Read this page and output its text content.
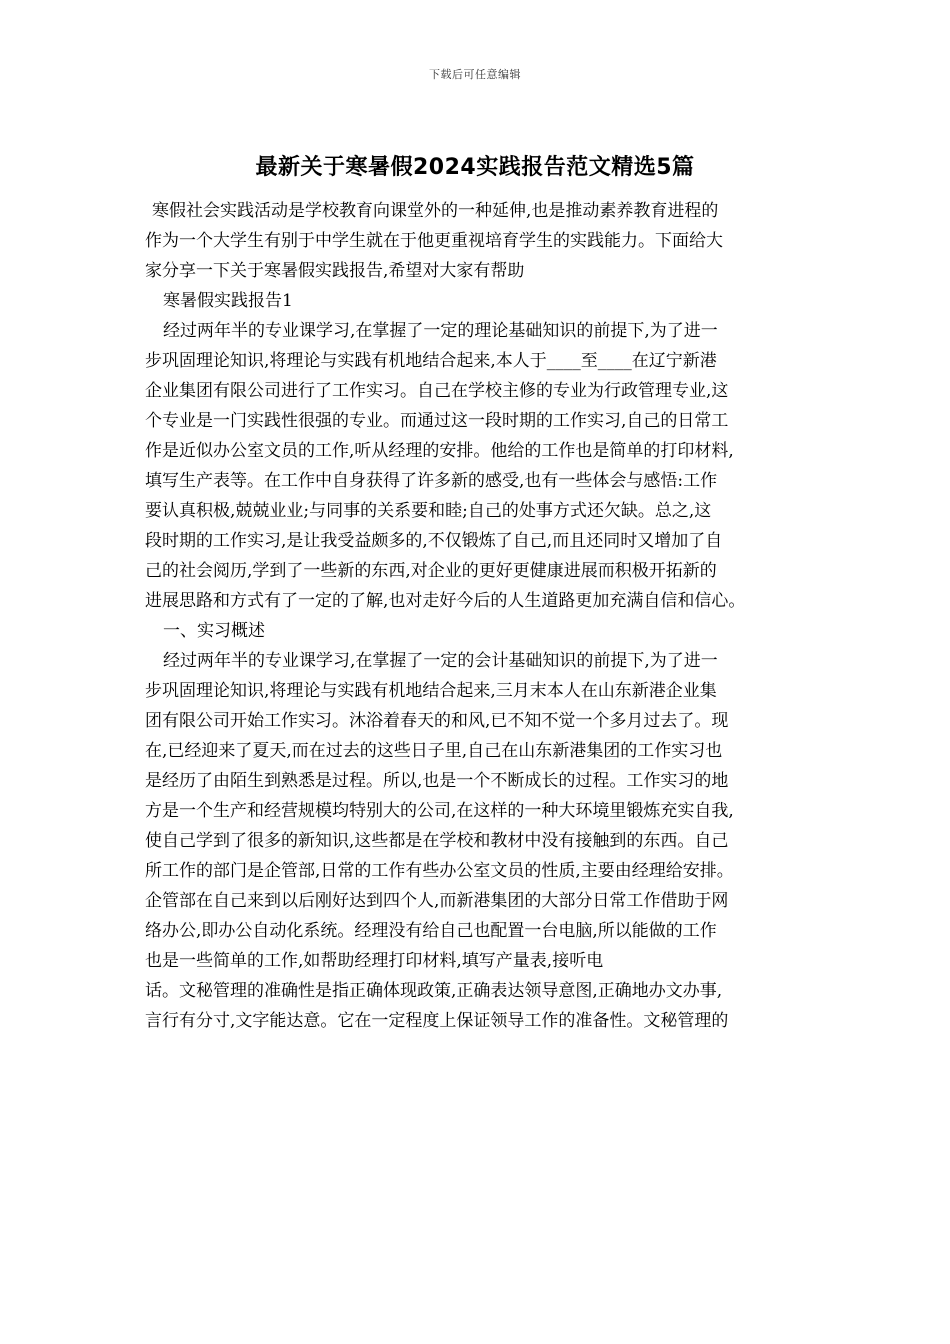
下载后可任意编辑
最新关于寒暑假2024实践报告范文精选5篇
寒假社会实践活动是学校教育向课堂外的一种延伸,也是推动素养教育进程的
作为一个大学生有别于中学生就在于他更重视培育学生的实践能力。下面给大
家分享一下关于寒暑假实践报告,希望对大家有帮助
寒暑假实践报告1
经过两年半的专业课学习,在掌握了一定的理论基础知识的前提下,为了进一
步巩固理论知识,将理论与实践有机地结合起来,本人于____至____在辽宁新港
企业集团有限公司进行了工作实习。自己在学校主修的专业为行政管理专业,这
个专业是一门实践性很强的专业。而通过这一段时期的工作实习,自己的日常工
作是近似办公室文员的工作,听从经理的安排。他给的工作也是简单的打印材料,
填写生产表等。在工作中自身获得了许多新的感受,也有一些体会与感悟:工作
要认真积极,兢兢业业;与同事的关系要和睦;自己的处事方式还欠缺。总之,这
段时期的工作实习,是让我受益颇多的,不仅锻炼了自己,而且还同时又增加了自
己的社会阅历,学到了一些新的东西,对企业的更好更健康进展而积极开拓新的
进展思路和方式有了一定的了解,也对走好今后的人生道路更加充满自信和信心。
一、实习概述
经过两年半的专业课学习,在掌握了一定的会计基础知识的前提下,为了进一
步巩固理论知识,将理论与实践有机地结合起来,三月末本人在山东新港企业集
团有限公司开始工作实习。沐浴着春天的和风,已不知不觉一个多月过去了。现
在,已经迎来了夏天,而在过去的这些日子里,自己在山东新港集团的工作实习也
是经历了由陌生到熟悉是过程。所以,也是一个不断成长的过程。工作实习的地
方是一个生产和经营规模均特别大的公司,在这样的一种大环境里锻炼充实自我,
使自己学到了很多的新知识,这些都是在学校和教材中没有接触到的东西。自己
所工作的部门是企管部,日常的工作有些办公室文员的性质,主要由经理给安排。
企管部在自己来到以后刚好达到四个人,而新港集团的大部分日常工作借助于网
络办公,即办公自动化系统。经理没有给自己也配置一台电脑,所以能做的工作
也是一些简单的工作,如帮助经理打印材料,填写产量表,接听电
话。文秘管理的准确性是指正确体现政策,正确表达领导意图,正确地办文办事,
言行有分寸,文字能达意。它在一定程度上保证领导工作的准备性。文秘管理的
